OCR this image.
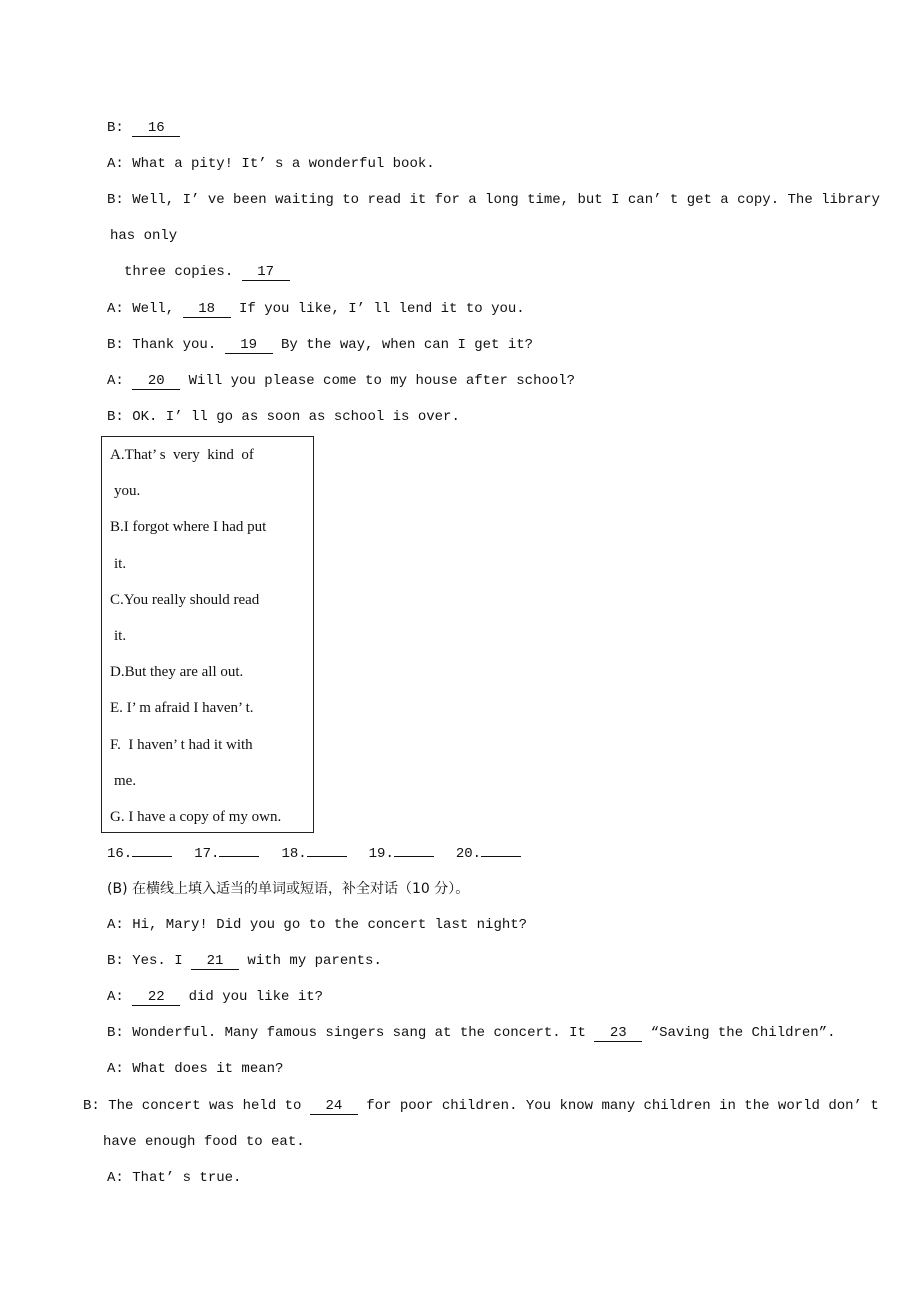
B: 16
A: What a pity! It’ s a wonderful book.
B: Well, I’ ve been waiting to read it for a long time, but I can’ t get a copy. The library
has only
three copies. 17
A: Well, 18 If you like, I’ ll lend it to you.
B: Thank you. 19 By the way, when can I get it?
A: 20 Will you please come to my house after school?
B: OK. I’ ll go as soon as school is over.
A.That’ s  very  kind  of
you.
B.I forgot where I had put
it.
C.You really should read
it.
D.But they are all out.
E. I’ m afraid I haven’ t.
F.  I haven’ t had it with
me.
G. I have a copy of my own.
16.	17.	18.	19.	20.
(B) 在横线上填入适当的单词或短语，补全对话（10 分）。
A: Hi, Mary! Did you go to the concert last night?
B: Yes. I 21 with my parents.
A: 22 did you like it?
B: Wonderful. Many famous singers sang at the concert. It 23 “Saving the Children”.
A: What does it mean?
B: The concert was held to 24 for poor children. You know many children in the world don’ t
have enough food to eat.
A: That’ s true.
